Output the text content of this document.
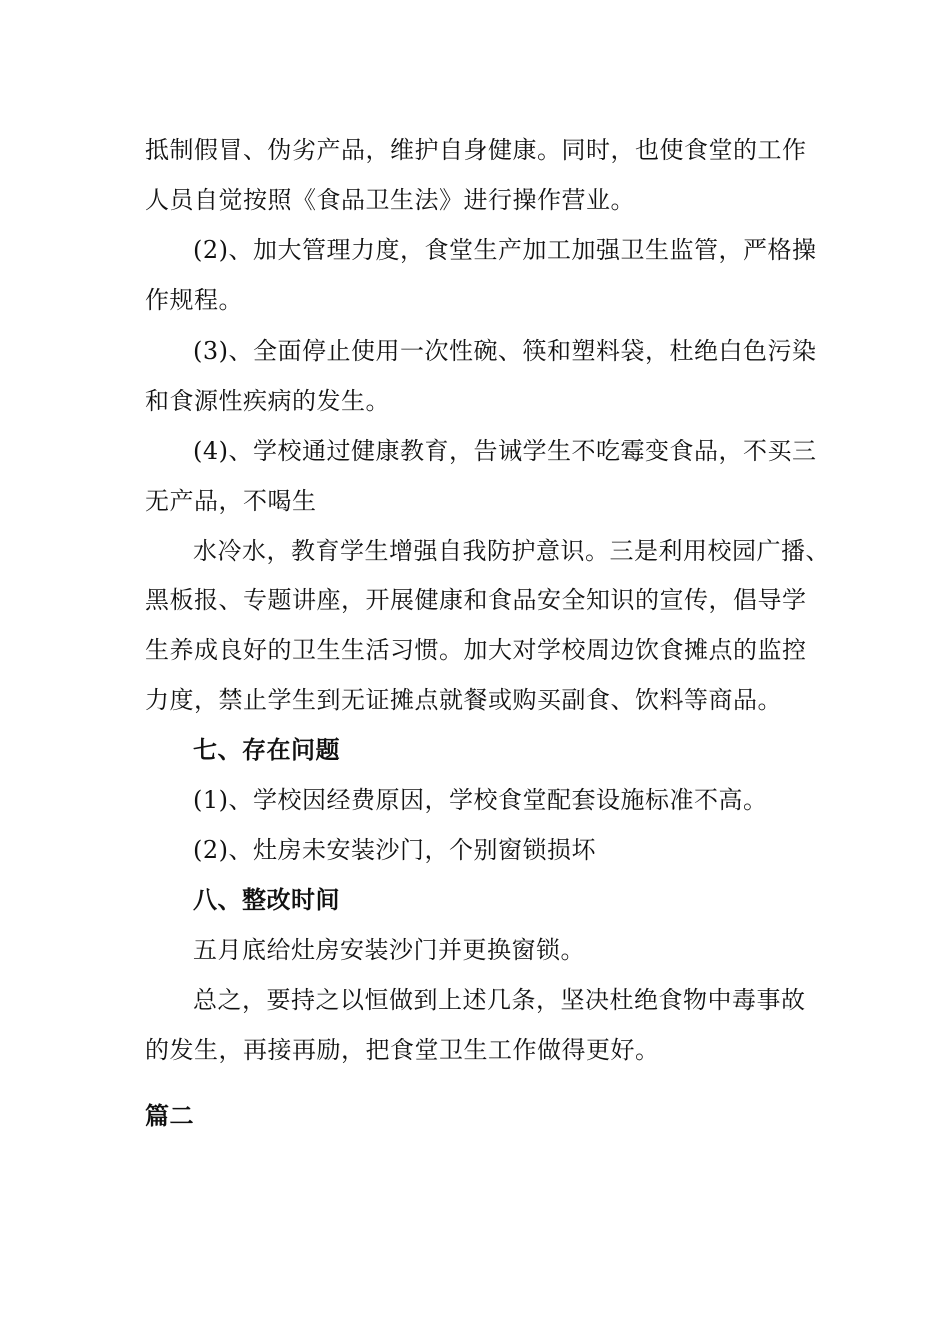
抵制假冒、伪劣产品，维护自身健康。同时，也使食堂的工作
人员自觉按照《食品卫生法》进行操作营业。
(2)、加大管理力度，食堂生产加工加强卫生监管，严格操
作规程。
(3)、全面停止使用一次性碗、筷和塑料袋，杜绝白色污染
和食源性疾病的发生。
(4)、学校通过健康教育，告诫学生不吃霉变食品，不买三
无产品，不喝生
水冷水，教育学生增强自我防护意识。三是利用校园广播、
黑板报、专题讲座，开展健康和食品安全知识的宣传，倡导学
生养成良好的卫生生活习惯。加大对学校周边饮食摊点的监控
力度，禁止学生到无证摊点就餐或购买副食、饮料等商品。
七、存在问题
(1)、学校因经费原因，学校食堂配套设施标准不高。
(2)、灶房未安装沙门，个别窗锁损坏
八、整改时间
五月底给灶房安装沙门并更换窗锁。
总之，要持之以恒做到上述几条，坚决杜绝食物中毒事故
的发生，再接再励，把食堂卫生工作做得更好。
篇二
